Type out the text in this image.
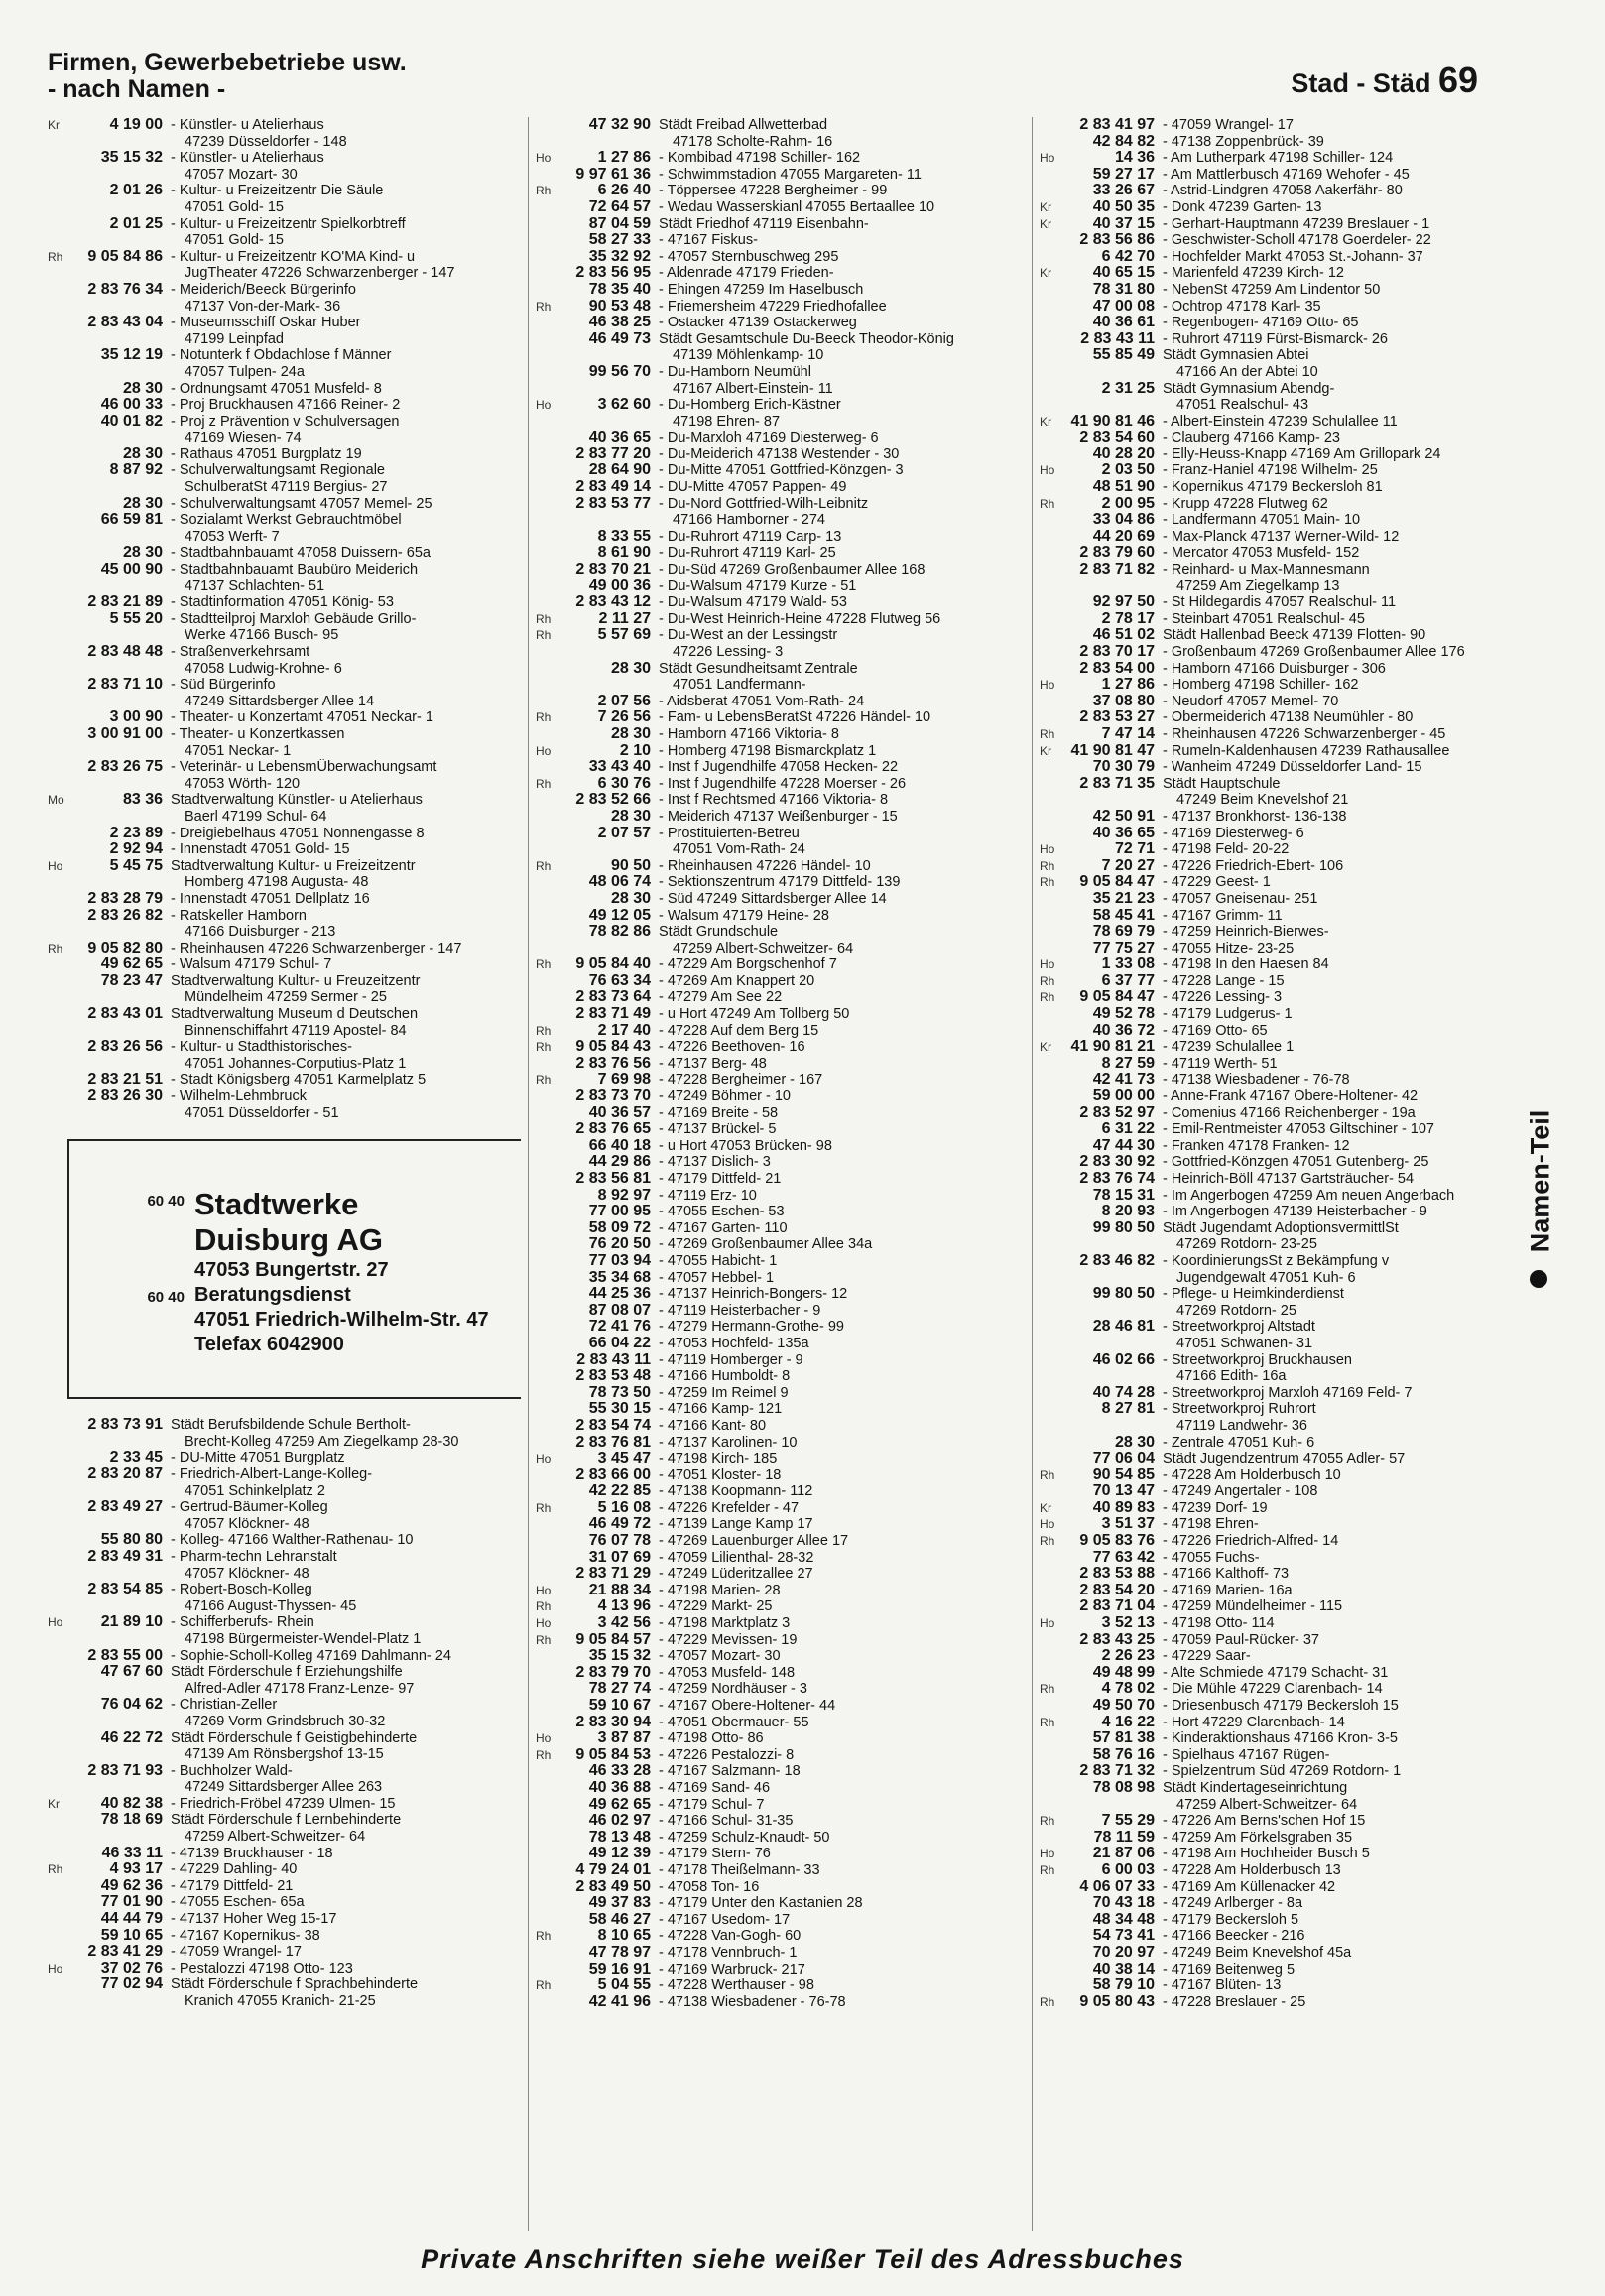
Firmen, Gewerbebetriebe usw.
- nach Namen -	Stad - Städ 69
Kr	4 19 00 - Künstler- u Atelierhaus
47239 Düsseldorfer - 148
35 15 32 - Künstler- u Atelierhaus
47057 Mozart- 30
2 01 26 - Kultur- u Freizeitzentr Die Säule
47051 Gold- 15
2 01 25 - Kultur- u Freizeitzentr Spielkorbtreff
47051 Gold- 15
Rh	9 05 84 86 - Kultur- u Freizeitzentr KO'MA Kind- u
JugTheater 47226 Schwarzenberger - 147
2 83 76 34 - Meiderich/Beeck Bürgerinfo
47137 Von-der-Mark- 36
2 83 43 04 - Museumsschiff Oskar Huber
47199 Leinpfad
35 12 19 - Notunterk f Obdachlose f Männer
47057 Tulpen- 24a
28 30 - Ordnungsamt 47051 Musfeld- 8
46 00 33 - Proj Bruckhausen 47166 Reiner- 2
40 01 82 - Proj z Prävention v Schulversagen
47169 Wiesen- 74
28 30 - Rathaus 47051 Burgplatz 19
8 87 92 - Schulverwaltungsamt Regionale
SchulberatSt 47119 Bergius- 27
28 30 - Schulverwaltungsamt 47057 Memel- 25
66 59 81 - Sozialamt Werkst Gebrauchtmöbel
47053 Werft- 7
28 30 - Stadtbahnbauamt 47058 Duissern- 65a
45 00 90 - Stadtbahnbauamt Baubüro Meiderich
47137 Schlachten- 51
2 83 21 89 - Stadtinformation 47051 König- 53
5 55 20 - Stadtteilproj Marxloh Gebäude Grillo-
Werke 47166 Busch- 95
2 83 48 48 - Straßenverkehrsamt
47058 Ludwig-Krohne- 6
2 83 71 10 - Süd Bürgerinfo
47249 Sittardsberger Allee 14
3 00 90 - Theater- u Konzertamt 47051 Neckar- 1
3 00 91 00 - Theater- u Konzertkassen
47051 Neckar- 1
2 83 26 75 - Veterinär- u LebensmÜberwachungsamt
47053 Wörth- 120
Mo	83 36 Stadtverwaltung Künstler- u Atelierhaus
Baerl 47199 Schul- 64
2 23 89 - Dreigiebelhaus 47051 Nonnengasse 8
2 92 94 - Innenstadt 47051 Gold- 15
Ho	5 45 75 Stadtverwaltung Kultur- u Freizeitzentr
Homberg 47198 Augusta- 48
2 83 28 79 - Innenstadt 47051 Dellplatz 16
2 83 26 82 - Ratskeller Hamborn
47166 Duisburger - 213
Rh	9 05 82 80 - Rheinhausen 47226 Schwarzenberger - 147
49 62 65 - Walsum 47179 Schul- 7
78 23 47 Stadtverwaltung Kultur- u Freuzeitzentr
Mündelheim 47259 Sermer - 25
2 83 43 01 Stadtverwaltung Museum d Deutschen
Binnenschiffahrt 47119 Apostel- 84
2 83 26 56 - Kultur- u Stadthistorisches-
47051 Johannes-Corputius-Platz 1
2 83 21 51 - Stadt Königsberg 47051 Karmelplatz 5
2 83 26 30 - Wilhelm-Lehmbruck
47051 Düsseldorfer - 51
60 40 Stadtwerke
Duisburg AG
47053 Bungertstr. 27
60 40 Beratungsdienst
47051 Friedrich-Wilhelm-Str. 47
Telefax 6042900
2 83 73 91 Städt Berufsbildende Schule Bertholt-
Brecht-Kolleg 47259 Am Ziegelkamp 28-30
2 33 45 - DU-Mitte 47051 Burgplatz
2 83 20 87 - Friedrich-Albert-Lange-Kolleg-
47051 Schinkelplatz 2
2 83 49 27 - Gertrud-Bäumer-Kolleg
47057 Klöckner- 48
55 80 80 - Kolleg- 47166 Walther-Rathenau- 10
2 83 49 31 - Pharm-techn Lehranstalt
47057 Klöckner- 48
2 83 54 85 - Robert-Bosch-Kolleg
47166 August-Thyssen- 45
Ho	21 89 10 - Schifferberufs- Rhein
47198 Bürgermeister-Wendel-Platz 1
2 83 55 00 - Sophie-Scholl-Kolleg 47169 Dahlmann- 24
47 67 60 Städt Förderschule f Erziehungshilfe
Alfred-Adler 47178 Franz-Lenze- 97
76 04 62 - Christian-Zeller
47269 Vorm Grindsbruch 30-32
46 22 72 Städt Förderschule f Geistigbehinderte
47139 Am Rönsbergshof 13-15
2 83 71 93 - Buchholzer Wald-
47249 Sittardsberger Allee 263
Kr	40 82 38 - Friedrich-Fröbel 47239 Ulmen- 15
78 18 69 Städt Förderschule f Lernbehinderte
47259 Albert-Schweitzer- 64
46 33 11 - 47139 Bruckhauser - 18
Rh	4 93 17 - 47229 Dahling- 40
49 62 36 - 47179 Dittfeld- 21
77 01 90 - 47055 Eschen- 65a
44 44 79 - 47137 Hoher Weg 15-17
59 10 65 - 47167 Kopernikus- 38
2 83 41 29 - 47059 Wrangel- 17
Ho	37 02 76 - Pestalozzi 47198 Otto- 123
77 02 94 Städt Förderschule f Sprachbehinderte
Kranich 47055 Kranich- 21-25
47 32 90 Städt Freibad Allwetterbad
47178 Scholte-Rahm- 16
Ho	1 27 86 - Kombibad 47198 Schiller- 162
9 97 61 36 - Schwimmstadion 47055 Margareten- 11
Rh	6 26 40 - Töppersee 47228 Bergheimer - 99
72 64 57 - Wedau Wasserskianl 47055 Bertaallee 10
87 04 59 Städt Friedhof 47119 Eisenbahn-
58 27 33 - 47167 Fiskus-
35 32 92 - 47057 Sternbuschweg 295
2 83 56 95 - Aldenrade 47179 Frieden-
78 35 40 - Ehingen 47259 Im Haselbusch
Rh	90 53 48 - Friemersheim 47229 Friedhofallee
46 38 25 - Ostacker 47139 Ostackerweg
46 49 73 Städt Gesamtschule Du-Beeck Theodor-König
47139 Möhlenkamp- 10
99 56 70 - Du-Hamborn Neumühl
47167 Albert-Einstein- 11
Ho	3 62 60 - Du-Homberg Erich-Kästner
47198 Ehren- 87
40 36 65 - Du-Marxloh 47169 Diesterweg- 6
2 83 77 20 - Du-Meiderich 47138 Westender - 30
28 64 90 - Du-Mitte 47051 Gottfried-Könzgen- 3
2 83 49 14 - DU-Mitte 47057 Pappen- 49
2 83 53 77 - Du-Nord Gottfried-Wilh-Leibnitz
47166 Hamborner - 274
8 33 55 - Du-Ruhrort 47119 Carp- 13
8 61 90 - Du-Ruhrort 47119 Karl- 25
2 83 70 21 - Du-Süd 47269 Großenbaumer Allee 168
49 00 36 - Du-Walsum 47179 Kurze - 51
2 83 43 12 - Du-Walsum 47179 Wald- 53
Rh	2 11 27 - Du-West Heinrich-Heine 47228 Flutweg 56
Rh	5 57 69 - Du-West an der Lessingstr
47226 Lessing- 3
28 30 Städt Gesundheitsamt Zentrale
47051 Landfermann-
2 07 56 - Aidsberat 47051 Vom-Rath- 24
Rh	7 26 56 - Fam- u LebensBeratSt 47226 Händel- 10
28 30 - Hamborn 47166 Viktoria- 8
Ho	2 10 - Homberg 47198 Bismarckplatz 1
33 43 40 - Inst f Jugendhilfe 47058 Hecken- 22
Rh	6 30 76 - Inst f Jugendhilfe 47228 Moerser - 26
2 83 52 66 - Inst f Rechtsmed 47166 Viktoria- 8
28 30 - Meiderich 47137 Weißenburger - 15
2 07 57 - Prostituierten-Betreu
47051 Vom-Rath- 24
Rh	90 50 - Rheinhausen 47226 Händel- 10
48 06 74 - Sektionszentrum 47179 Dittfeld- 139
28 30 - Süd 47249 Sittardsberger Allee 14
49 12 05 - Walsum 47179 Heine- 28
78 82 86 Städt Grundschule
47259 Albert-Schweitzer- 64
Rh	9 05 84 40 - 47229 Am Borgschenhof 7
76 63 34 - 47269 Am Knappert 20
2 83 73 64 - 47279 Am See 22
2 83 71 49 - u Hort 47249 Am Tollberg 50
Rh	2 17 40 - 47228 Auf dem Berg 15
Rh	9 05 84 43 - 47226 Beethoven- 16
2 83 76 56 - 47137 Berg- 48
Rh	7 69 98 - 47228 Bergheimer - 167
2 83 73 70 - 47249 Böhmer - 10
40 36 57 - 47169 Breite - 58
2 83 76 65 - 47137 Brückel- 5
66 40 18 - u Hort 47053 Brücken- 98
44 29 86 - 47137 Dislich- 3
2 83 56 81 - 47179 Dittfeld- 21
8 92 97 - 47119 Erz- 10
77 00 95 - 47055 Eschen- 53
58 09 72 - 47167 Garten- 110
76 20 50 - 47269 Großenbaumer Allee 34a
77 03 94 - 47055 Habicht- 1
35 34 68 - 47057 Hebbel- 1
44 25 36 - 47137 Heinrich-Bongers- 12
87 08 07 - 47119 Heisterbacher - 9
72 41 76 - 47279 Hermann-Grothe- 99
66 04 22 - 47053 Hochfeld- 135a
2 83 43 11 - 47119 Homberger - 9
2 83 53 48 - 47166 Humboldt- 8
78 73 50 - 47259 Im Reimel 9
55 30 15 - 47166 Kamp- 121
2 83 54 74 - 47166 Kant- 80
2 83 76 81 - 47137 Karolinen- 10
Ho	3 45 47 - 47198 Kirch- 185
2 83 66 00 - 47051 Kloster- 18
42 22 85 - 47138 Koopmann- 112
Rh	5 16 08 - 47226 Krefelder - 47
46 49 72 - 47139 Lange Kamp 17
76 07 78 - 47269 Lauenburger Allee 17
31 07 69 - 47059 Lilienthal- 28-32
2 83 71 29 - 47249 Lüderitzallee 27
Ho	21 88 34 - 47198 Marien- 28
Rh	4 13 96 - 47229 Markt- 25
Ho	3 42 56 - 47198 Marktplatz 3
Rh	9 05 84 57 - 47229 Mevissen- 19
35 15 32 - 47057 Mozart- 30
2 83 79 70 - 47053 Musfeld- 148
78 27 74 - 47259 Nordhäuser - 3
59 10 67 - 47167 Obere-Holtener- 44
2 83 30 94 - 47051 Obermauer- 55
Ho	3 87 87 - 47198 Otto- 86
Rh	9 05 84 53 - 47226 Pestalozzi- 8
46 33 28 - 47167 Salzmann- 18
40 36 88 - 47169 Sand- 46
49 62 65 - 47179 Schul- 7
46 02 97 - 47166 Schul- 31-35
78 13 48 - 47259 Schulz-Knaudt- 50
49 12 39 - 47179 Stern- 76
4 79 24 01 - 47178 Theißelmann- 33
2 83 49 50 - 47058 Ton- 16
49 37 83 - 47179 Unter den Kastanien 28
58 46 27 - 47167 Usedom- 17
Rh	8 10 65 - 47228 Van-Gogh- 60
47 78 97 - 47178 Vennbruch- 1
59 16 91 - 47169 Warbruck- 217
Rh	5 04 55 - 47228 Werthauser - 98
42 41 96 - 47138 Wiesbadener - 76-78
2 83 41 97 - 47059 Wrangel- 17
42 84 82 - 47138 Zoppenbrück- 39
Ho	14 36 - Am Lutherpark 47198 Schiller- 124
59 27 17 - Am Mattlerbusch 47169 Wehofer - 45
33 26 67 - Astrid-Lindgren 47058 Aakerfähr- 80
Kr	40 50 35 - Donk 47239 Garten- 13
Kr	40 37 15 - Gerhart-Hauptmann 47239 Breslauer - 1
2 83 56 86 - Geschwister-Scholl 47178 Goerdeler- 22
6 42 70 - Hochfelder Markt 47053 St.-Johann- 37
Kr	40 65 15 - Marienfeld 47239 Kirch- 12
78 31 80 - NebenSt 47259 Am Lindentor 50
47 00 08 - Ochtrop 47178 Karl- 35
40 36 61 - Regenbogen- 47169 Otto- 65
2 83 43 11 - Ruhrort 47119 Fürst-Bismarck- 26
55 85 49 Städt Gymnasien Abtei
47166 An der Abtei 10
2 31 25 Städt Gymnasium Abendg-
47051 Realschul- 43
Kr	41 90 81 46 - Albert-Einstein 47239 Schulallee 11
2 83 54 60 - Clauberg 47166 Kamp- 23
40 28 20 - Elly-Heuss-Knapp 47169 Am Grillopark 24
Ho	2 03 50 - Franz-Haniel 47198 Wilhelm- 25
48 51 90 - Kopernikus 47179 Beckersloh 81
Rh	2 00 95 - Krupp 47228 Flutweg 62
33 04 86 - Landfermann 47051 Main- 10
44 20 69 - Max-Planck 47137 Werner-Wild- 12
2 83 79 60 - Mercator 47053 Musfeld- 152
2 83 71 82 - Reinhard- u Max-Mannesmann
47259 Am Ziegelkamp 13
92 97 50 - St Hildegardis 47057 Realschul- 11
2 78 17 - Steinbart 47051 Realschul- 45
46 51 02 Städt Hallenbad Beeck 47139 Flotten- 90
2 83 70 17 - Großenbaum 47269 Großenbaumer Allee 176
2 83 54 00 - Hamborn 47166 Duisburger - 306
Ho	1 27 86 - Homberg 47198 Schiller- 162
37 08 80 - Neudorf 47057 Memel- 70
2 83 53 27 - Obermeiderich 47138 Neumühler - 80
Rh	7 47 14 - Rheinhausen 47226 Schwarzenberger - 45
Kr	41 90 81 47 - Rumeln-Kaldenhausen 47239 Rathausallee
70 30 79 - Wanheim 47249 Düsseldorfer Land- 15
2 83 71 35 Städt Hauptschule
47249 Beim Knevelshof 21
42 50 91 - 47137 Bronkhorst- 136-138
40 36 65 - 47169 Diesterweg- 6
Ho	72 71 - 47198 Feld- 20-22
Rh	7 20 27 - 47226 Friedrich-Ebert- 106
Rh	9 05 84 47 - 47229 Geest- 1
35 21 23 - 47057 Gneisenau- 251
58 45 41 - 47167 Grimm- 11
78 69 79 - 47259 Heinrich-Bierwes-
77 75 27 - 47055 Hitze- 23-25
Ho	1 33 08 - 47198 In den Haesen 84
Rh	6 37 77 - 47228 Lange - 15
Rh	9 05 84 47 - 47226 Lessing- 3
49 52 78 - 47179 Ludgerus- 1
40 36 72 - 47169 Otto- 65
Kr	41 90 81 21 - 47239 Schulallee 1
8 27 59 - 47119 Werth- 51
42 41 73 - 47138 Wiesbadener - 76-78
59 00 00 - Anne-Frank 47167 Obere-Holtener- 42
2 83 52 97 - Comenius 47166 Reichenberger - 19a
6 31 22 - Emil-Rentmeister 47053 Giltschiner - 107
47 44 30 - Franken 47178 Franken- 12
2 83 30 92 - Gottfried-Könzgen 47051 Gutenberg- 25
2 83 76 74 - Heinrich-Böll 47137 Gartsträucher- 54
78 15 31 - Im Angerbogen 47259 Am neuen Angerbach
8 20 93 - Im Angerbogen 47139 Heisterbacher - 9
99 80 50 Städt Jugendamt AdoptionsvermittlSt
47269 Rotdorn- 23-25
2 83 46 82 - KoordinierungsSt z Bekämpfung v
Jugendgewalt 47051 Kuh- 6
99 80 50 - Pflege- u Heimkinderdienst
47269 Rotdorn- 25
28 46 81 - Streetworkproj Altstadt
47051 Schwanen- 31
46 02 66 - Streetworkproj Bruckhausen
47166 Edith- 16a
40 74 28 - Streetworkproj Marxloh 47169 Feld- 7
8 27 81 - Streetworkproj Ruhrort
47119 Landwehr- 36
28 30 - Zentrale 47051 Kuh- 6
77 06 04 Städt Jugendzentrum 47055 Adler- 57
Rh	90 54 85 - 47228 Am Holderbusch 10
70 13 47 - 47249 Angertaler - 108
Kr	40 89 83 - 47239 Dorf- 19
Ho	3 51 37 - 47198 Ehren-
Rh	9 05 83 76 - 47226 Friedrich-Alfred- 14
77 63 42 - 47055 Fuchs-
2 83 53 88 - 47166 Kalthoff- 73
2 83 54 20 - 47169 Marien- 16a
2 83 71 04 - 47259 Mündelheimer - 115
Ho	3 52 13 - 47198 Otto- 114
2 83 43 25 - 47059 Paul-Rücker- 37
2 26 23 - 47229 Saar-
49 48 99 - Alte Schmiede 47179 Schacht- 31
Rh	4 78 02 - Die Mühle 47229 Clarenbach- 14
49 50 70 - Driesenbusch 47179 Beckersloh 15
Rh	4 16 22 - Hort 47229 Clarenbach- 14
57 81 38 - Kinderaktionshaus 47166 Kron- 3-5
58 76 16 - Spielhaus 47167 Rügen-
2 83 71 32 - Spielzentrum Süd 47269 Rotdorn- 1
78 08 98 Städt Kindertageseinrichtung
47259 Albert-Schweitzer- 64
Rh	7 55 29 - 47226 Am Berns'schen Hof 15
78 11 59 - 47259 Am Förkelsgraben 35
Ho	21 87 06 - 47198 Am Hochheider Busch 5
Rh	6 00 03 - 47228 Am Holderbusch 13
4 06 07 33 - 47169 Am Küllenacker 42
70 43 18 - 47249 Arlberger - 8a
48 34 48 - 47179 Beckersloh 5
54 73 41 - 47166 Beecker - 216
70 20 97 - 47249 Beim Knevelshof 45a
40 38 14 - 47169 Beitenweg 5
58 79 10 - 47167 Blüten- 13
Rh	9 05 80 43 - 47228 Breslauer - 25
Namen-Teil
Private Anschriften siehe weißer Teil des Adressbuches
